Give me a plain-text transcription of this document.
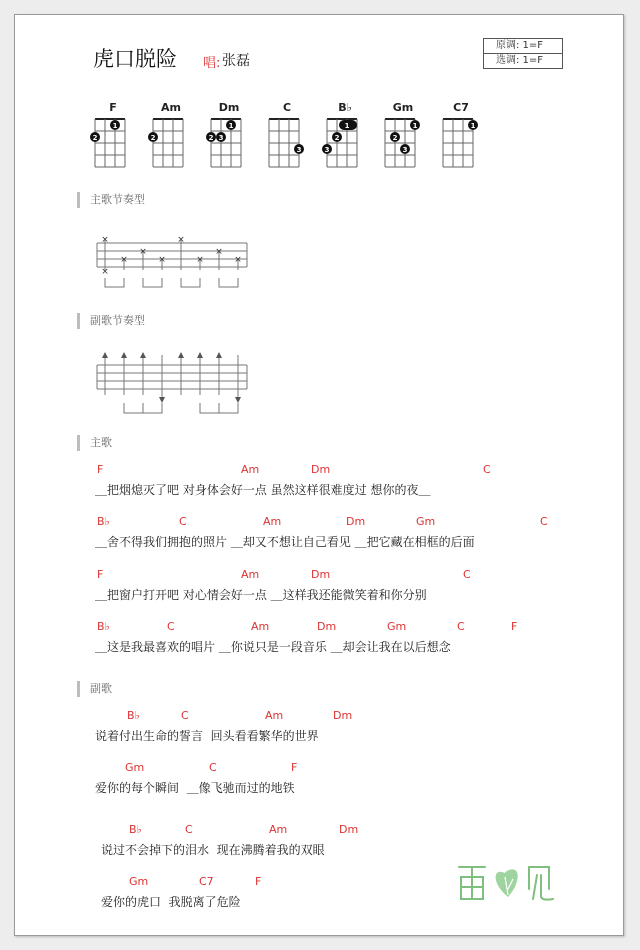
虎口脱险 唱: 张磊
原调: 1=F
选调: 1=F
F
2
1
Am
2
Dm
2 3
1
C
3
B♭
1
2
3
Gm
2
3
1
C7
1
主歌节奏型
×
×
×
×
×
×
×
×
×
副歌节奏型
主歌
F	Am	Dm	C
＿把烟熄灭了吧 对身体会好一点 虽然这样很难度过 想你的夜＿
B♭	C	Am	Dm	Gm	C
＿舍不得我们拥抱的照片 ＿却又不想让自己看见 ＿把它藏在相框的后面
F	Am	Dm	C
＿把窗户打开吧 对心情会好一点 ＿这样我还能微笑着和你分别
B♭	C	Am	Dm	Gm	C	F
＿这是我最喜欢的唱片 ＿你说只是一段音乐 ＿却会让我在以后想念
副歌
B♭	C	Am	Dm
说着付出生命的誓言  回头看看繁华的世界
Gm	C	F
爱你的每个瞬间  ＿像飞驰而过的地铁
B♭	C	Am	Dm
说过不会掉下的泪水  现在沸腾着我的双眼
Gm	C7	F
爱你的虎口  我脱离了危险
